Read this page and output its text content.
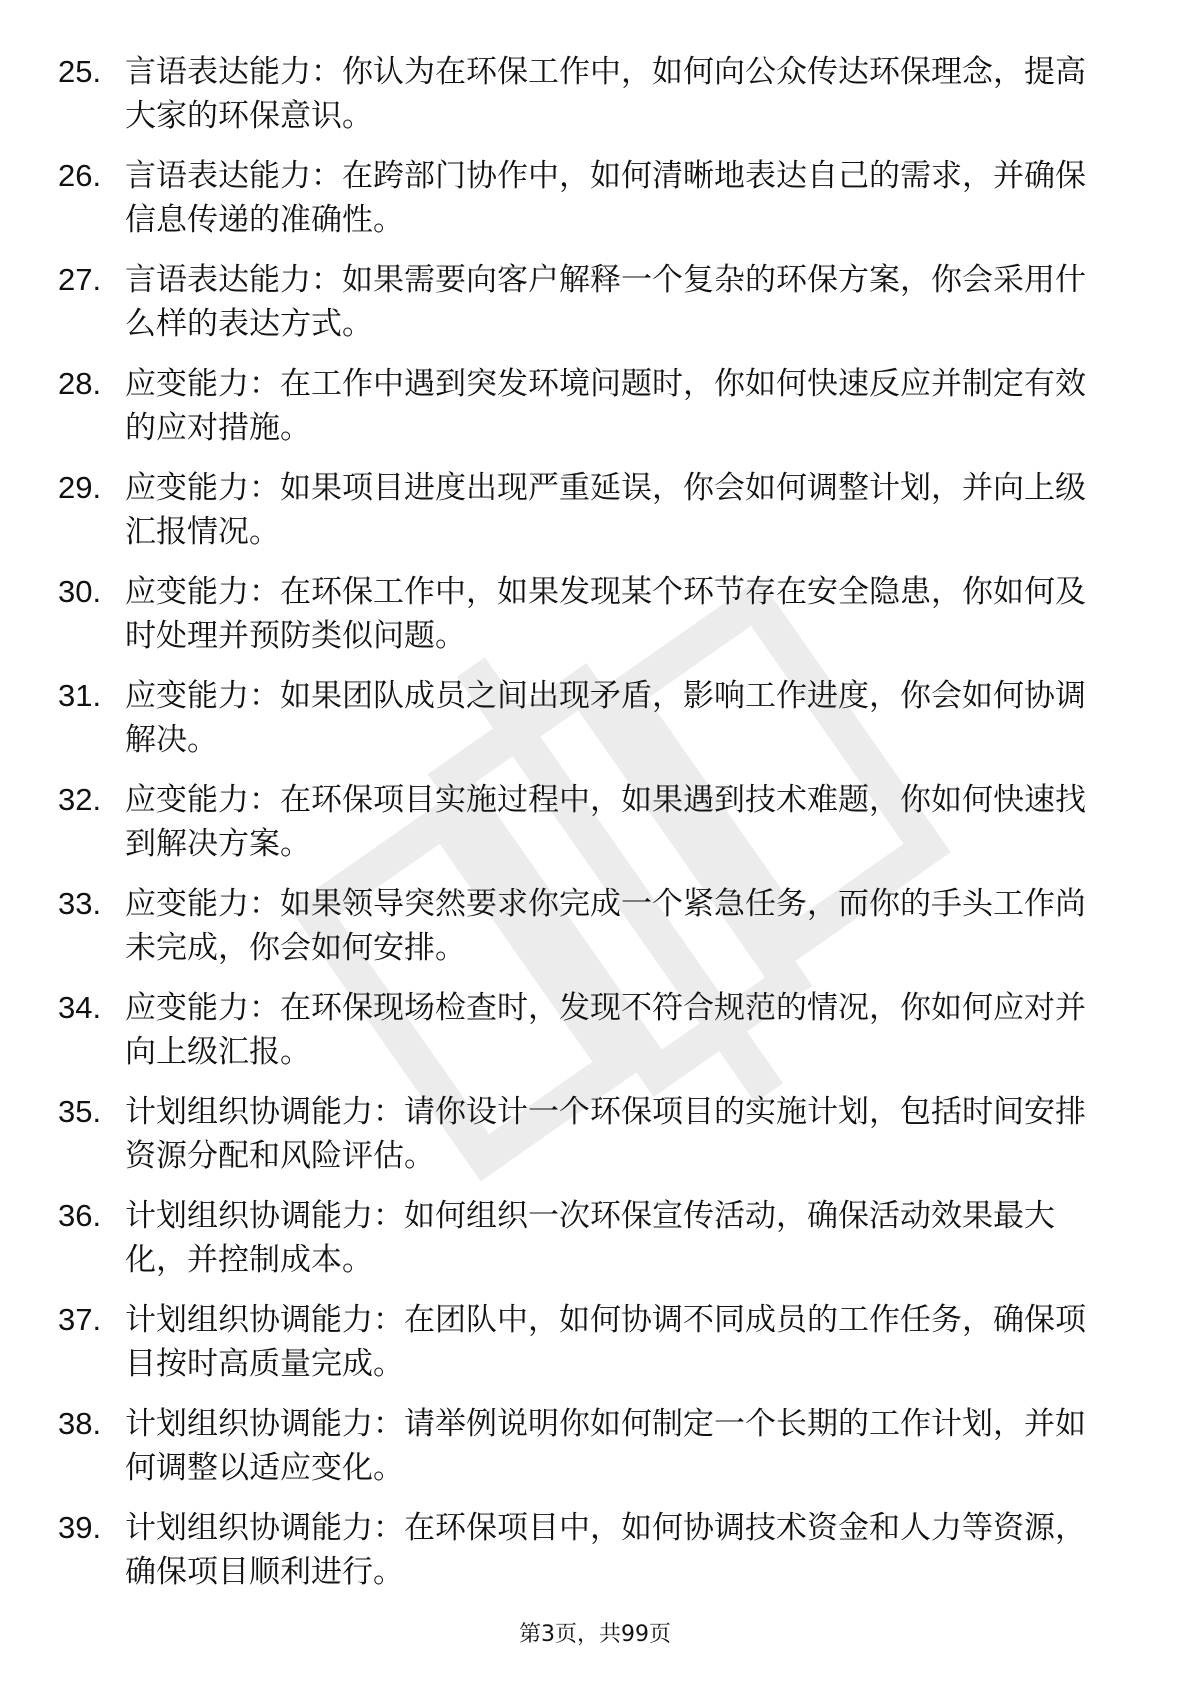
25. 言语表达能力：你认为在环保工作中，如何向公众传达环保理念，提高大家的环保意识。
26. 言语表达能力：在跨部门协作中，如何清晰地表达自己的需求，并确保信息传递的准确性。
27. 言语表达能力：如果需要向客户解释一个复杂的环保方案，你会采用什么样的表达方式。
28. 应变能力：在工作中遇到突发环境问题时，你如何快速反应并制定有效的应对措施。
29. 应变能力：如果项目进度出现严重延误，你会如何调整计划，并向上级汇报情况。
30. 应变能力：在环保工作中，如果发现某个环节存在安全隐患，你如何及时处理并预防类似问题。
31. 应变能力：如果团队成员之间出现矛盾，影响工作进度，你会如何协调解决。
32. 应变能力：在环保项目实施过程中，如果遇到技术难题，你如何快速找到解决方案。
33. 应变能力：如果领导突然要求你完成一个紧急任务，而你的手头工作尚未完成，你会如何安排。
34. 应变能力：在环保现场检查时，发现不符合规范的情况，你如何应对并向上级汇报。
35. 计划组织协调能力：请你设计一个环保项目的实施计划，包括时间安排资源分配和风险评估。
36. 计划组织协调能力：如何组织一次环保宣传活动，确保活动效果最大化，并控制成本。
37. 计划组织协调能力：在团队中，如何协调不同成员的工作任务，确保项目按时高质量完成。
38. 计划组织协调能力：请举例说明你如何制定一个长期的工作计划，并如何调整以适应变化。
39. 计划组织协调能力：在环保项目中，如何协调技术资金和人力等资源，确保项目顺利进行。
第3页，共99页
